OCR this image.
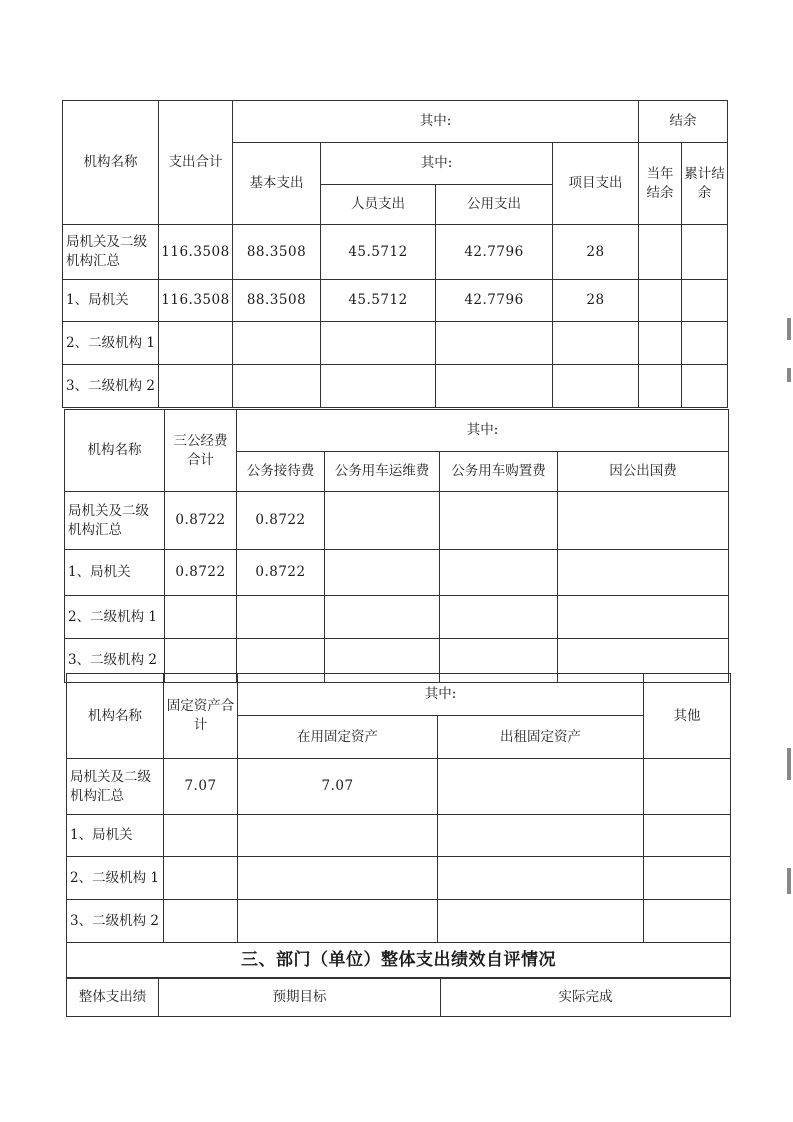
机构名称	支出合计	其中:				结余	
		基本支出	其中:		项目支出	当年结余	累计结余
			人员支出	公用支出			
局机关及二级机构汇总	116.3508	88.3508	45.5712	42.7796	28		
1、局机关	116.3508	88.3508	45.5712	42.7796	28		
2、二级机构 1							
3、二级机构 2							
机构名称	三公经费合计	其中:			
		公务接待费	公务用车运维费	公务用车购置费	因公出国费
局机关及二级机构汇总	0.8722	0.8722			
1、局机关	0.8722	0.8722			
2、二级机构 1					
3、二级机构 2					
机构名称	固定资产合计	其中:		其他
		在用固定资产	出租固定资产	
局机关及二级机构汇总	7.07	7.07		
1、局机关				
2、二级机构 1				
3、二级机构 2				
三、部门（单位）整体支出绩效自评情况				
整体支出绩	预期目标	实际完成
